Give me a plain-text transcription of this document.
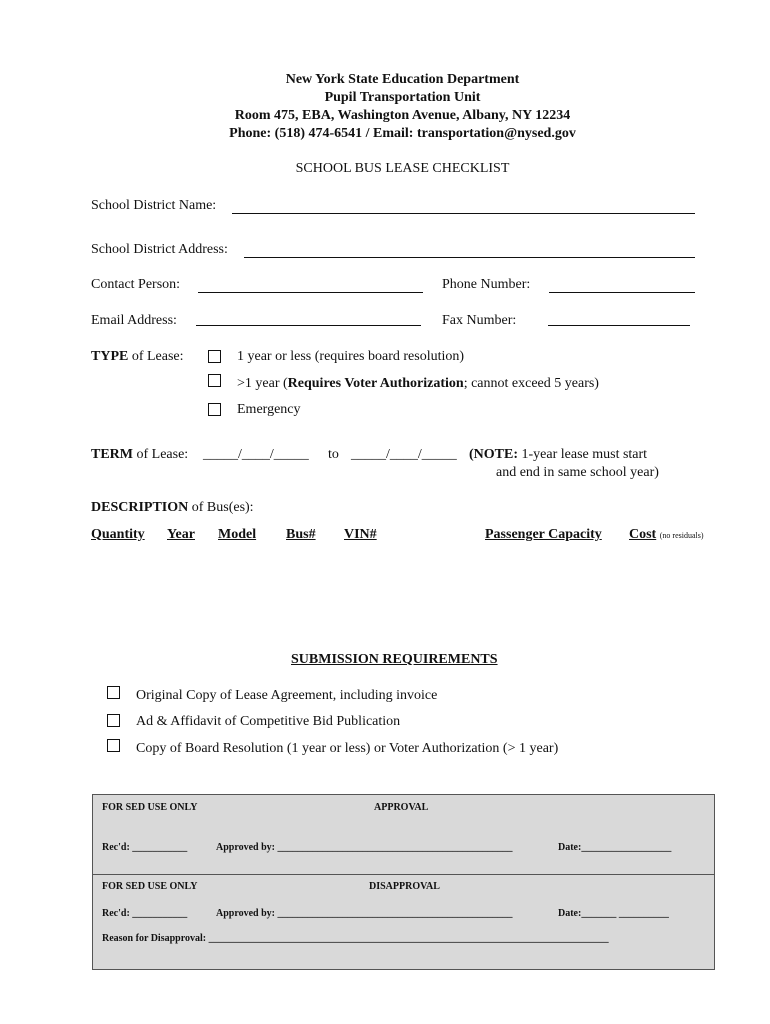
New York State Education Department
Pupil Transportation Unit
Room 475, EBA, Washington Avenue, Albany, NY 12234
Phone: (518) 474-6541 / Email: transportation@nysed.gov
SCHOOL BUS LEASE CHECKLIST
School District Name:
School District Address:
Contact Person:	Phone Number:
Email Address:	Fax Number:
TYPE of Lease:	1 year or less (requires board resolution)
>1 year (Requires Voter Authorization; cannot exceed 5 years)
Emergency
TERM of Lease: _____/____/_____ to _____/____/_____ (NOTE: 1-year lease must start
and end in same school year)
DESCRIPTION of Bus(es):
Quantity Year Model Bus# VIN#	Passenger Capacity Cost (no residuals)
SUBMISSION REQUIREMENTS
Original Copy of Lease Agreement, including invoice
Ad & Affidavit of Competitive Bid Publication
Copy of Board Resolution (1 year or less) or Voter Authorization (> 1 year)
FOR SED USE ONLY	APPROVAL
Rec'd: ___________	Approved by: _______________________________________________	Date:__________________
FOR SED USE ONLY	DISAPPROVAL
Rec'd: ___________	Approved by: _______________________________________________	Date:_______ __________
Reason for Disapproval: ________________________________________________________________________________
